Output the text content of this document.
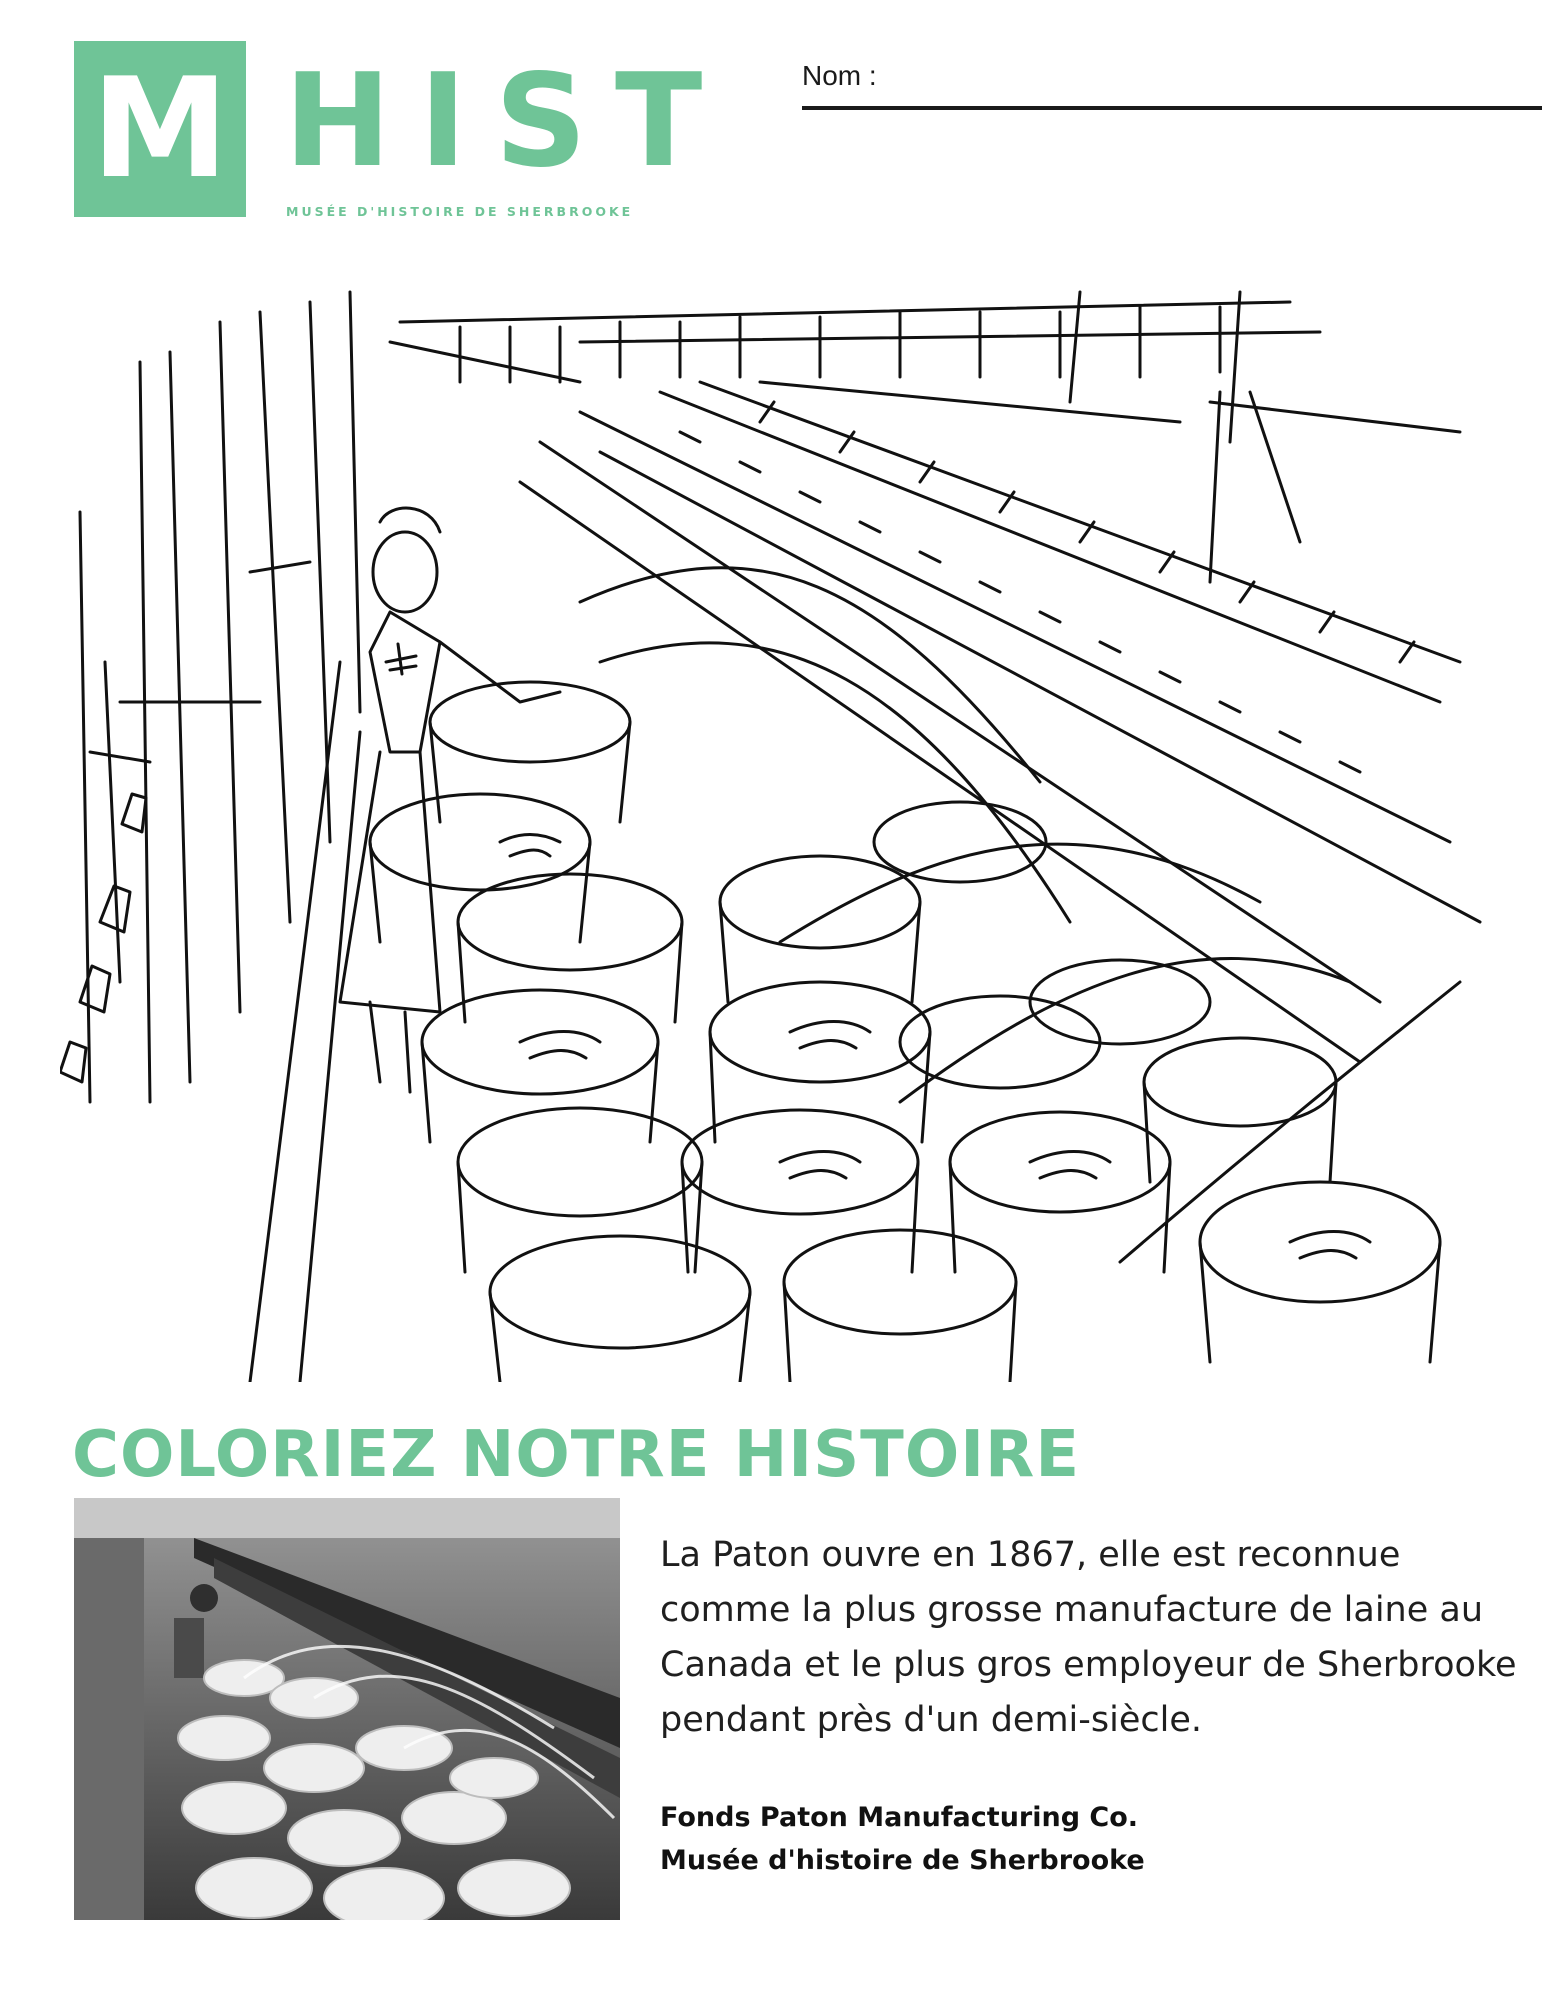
M HIST
MUSÉE D'HISTOIRE DE SHERBROOKE
Nom :
COLORIEZ NOTRE HISTOIRE
La Paton ouvre en 1867, elle est reconnue comme la plus grosse manufacture de laine au Canada et le plus gros employeur de Sherbrooke pendant près d'un demi-siècle.
Fonds Paton Manufacturing Co.
Musée d'histoire de Sherbrooke
